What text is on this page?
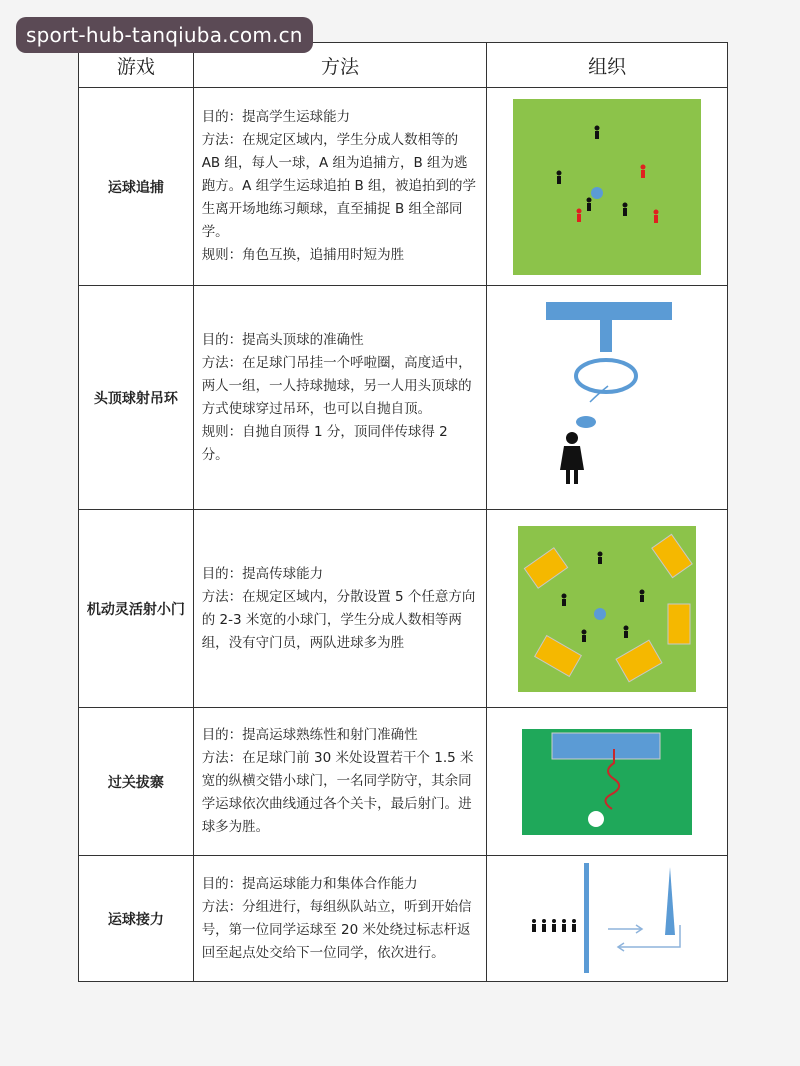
sport-hub-tanqiuba.com.cn
游戏	方法	组织
运球追捕	目的：提高学生运球能力

方法：在规定区域内，学生分成人数相等的 AB 组，每人一球，A 组为追捕方，B 组为逃跑方。A 组学生运球追拍 B 组，被追拍到的学生离开场地练习颠球，直至捕捉 B 组全部同学。

规则：角色互换，追捕用时短为胜

头顶球射吊环	目的：提高头顶球的准确性

方法：在足球门吊挂一个呼啦圈，高度适中，两人一组，一人持球抛球，另一人用头顶球的方式使球穿过吊环，也可以自抛自顶。

规则：自抛自顶得 1 分，顶同伴传球得 2 分。

机动灵活射小门	目的：提高传球能力

方法：在规定区域内，分散设置 5 个任意方向的 2-3 米宽的小球门，学生分成人数相等两组，没有守门员，两队进球多为胜

过关拔寨	目的：提高运球熟练性和射门准确性

方法：在足球门前 30 米处设置若干个 1.5 米宽的纵横交错小球门，一名同学防守，其余同学运球依次曲线通过各个关卡，最后射门。进球多为胜。

运球接力	目的：提高运球能力和集体合作能力

方法：分组进行，每组纵队站立，听到开始信号，第一位同学运球至 20 米处绕过标志杆返回至起点处交给下一位同学，依次进行。
